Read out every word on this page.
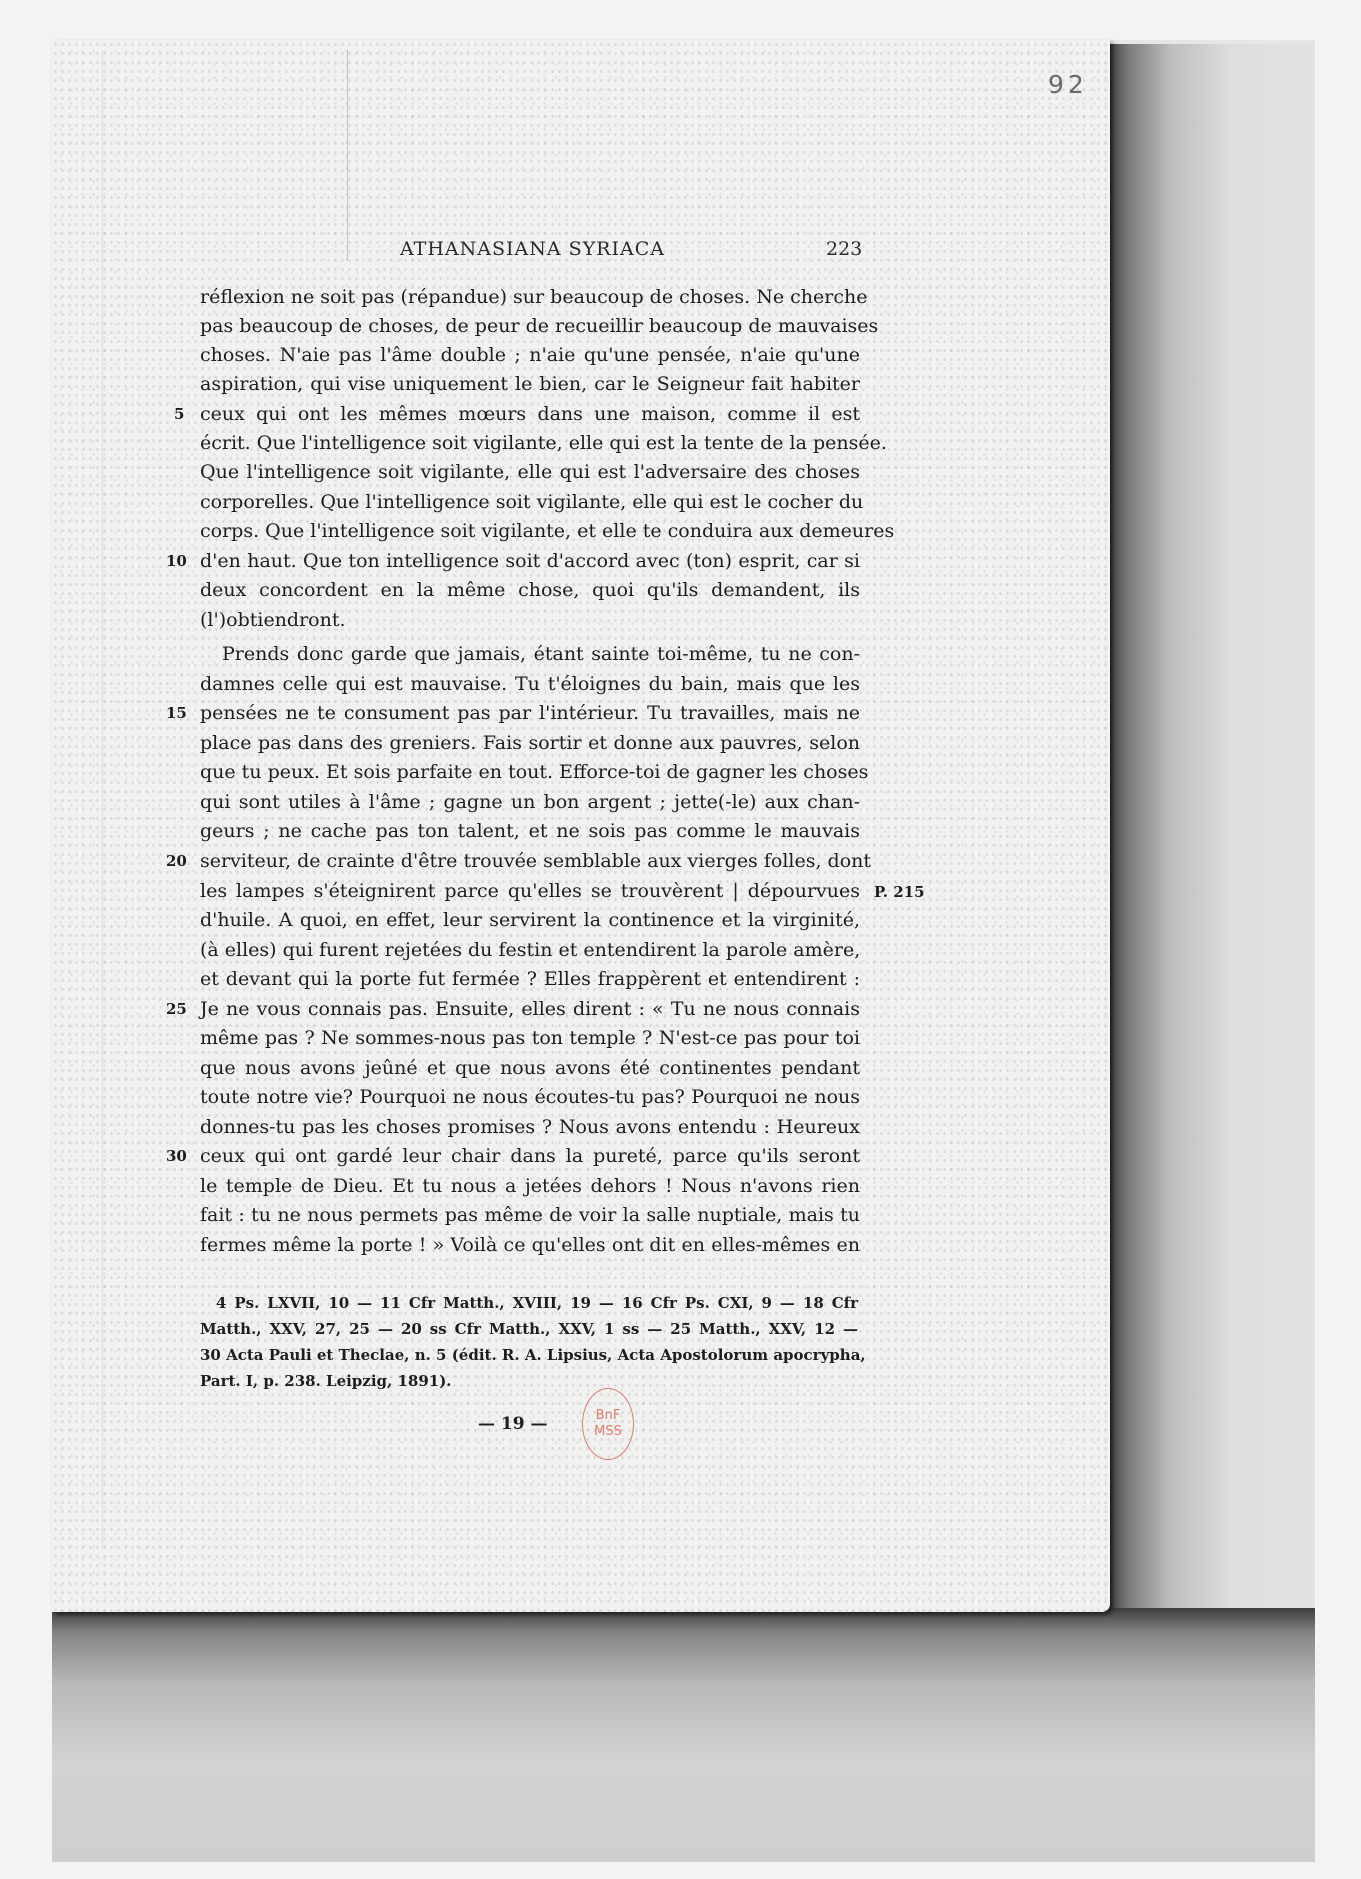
92
ATHANASIANA SYRIACA	223
réflexion ne soit pas (répandue) sur beaucoup de choses. Ne cherche
pas beaucoup de choses, de peur de recueillir beaucoup de mauvaises
choses. N'aie pas l'âme double ; n'aie qu'une pensée, n'aie qu'une
aspiration, qui vise uniquement le bien, car le Seigneur fait habiter
ceux qui ont les mêmes mœurs dans une maison, comme il est
écrit. Que l'intelligence soit vigilante, elle qui est la tente de la pensée.
Que l'intelligence soit vigilante, elle qui est l'adversaire des choses
corporelles. Que l'intelligence soit vigilante, elle qui est le cocher du
corps. Que l'intelligence soit vigilante, et elle te conduira aux demeures
d'en haut. Que ton intelligence soit d'accord avec (ton) esprit, car si
deux concordent en la même chose, quoi qu'ils demandent, ils
(l')obtiendront.
Prends donc garde que jamais, étant sainte toi-même, tu ne con-
damnes celle qui est mauvaise. Tu t'éloignes du bain, mais que les
pensées ne te consument pas par l'intérieur. Tu travailles, mais ne
place pas dans des greniers. Fais sortir et donne aux pauvres, selon
que tu peux. Et sois parfaite en tout. Efforce-toi de gagner les choses
qui sont utiles à l'âme ; gagne un bon argent ; jette(-le) aux chan-
geurs ; ne cache pas ton talent, et ne sois pas comme le mauvais
serviteur, de crainte d'être trouvée semblable aux vierges folles, dont
les lampes s'éteignirent parce qu'elles se trouvèrent | dépourvues
d'huile. A quoi, en effet, leur servirent la continence et la virginité,
(à elles) qui furent rejetées du festin et entendirent la parole amère,
et devant qui la porte fut fermée ? Elles frappèrent et entendirent :
Je ne vous connais pas. Ensuite, elles dirent : « Tu ne nous connais
même pas ? Ne sommes-nous pas ton temple ? N'est-ce pas pour toi
que nous avons jeûné et que nous avons été continentes pendant
toute notre vie? Pourquoi ne nous écoutes-tu pas? Pourquoi ne nous
donnes-tu pas les choses promises ? Nous avons entendu : Heureux
ceux qui ont gardé leur chair dans la pureté, parce qu'ils seront
le temple de Dieu. Et tu nous a jetées dehors ! Nous n'avons rien
fait : tu ne nous permets pas même de voir la salle nuptiale, mais tu
fermes même la porte ! » Voilà ce qu'elles ont dit en elles-mêmes en
5
10
15
20
25
30
P. 215
4 Ps. LXVII, 10 — 11 Cfr Matth., XVIII, 19 — 16 Cfr Ps. CXI, 9 — 18 Cfr
Matth., XXV, 27, 25 — 20 ss Cfr Matth., XXV, 1 ss — 25 Matth., XXV, 12 —
30 Acta Pauli et Theclae, n. 5 (édit. R. A. Lipsius, Acta Apostolorum apocrypha,
Part. I, p. 238. Leipzig, 1891).
— 19 —	BnF
MSS
